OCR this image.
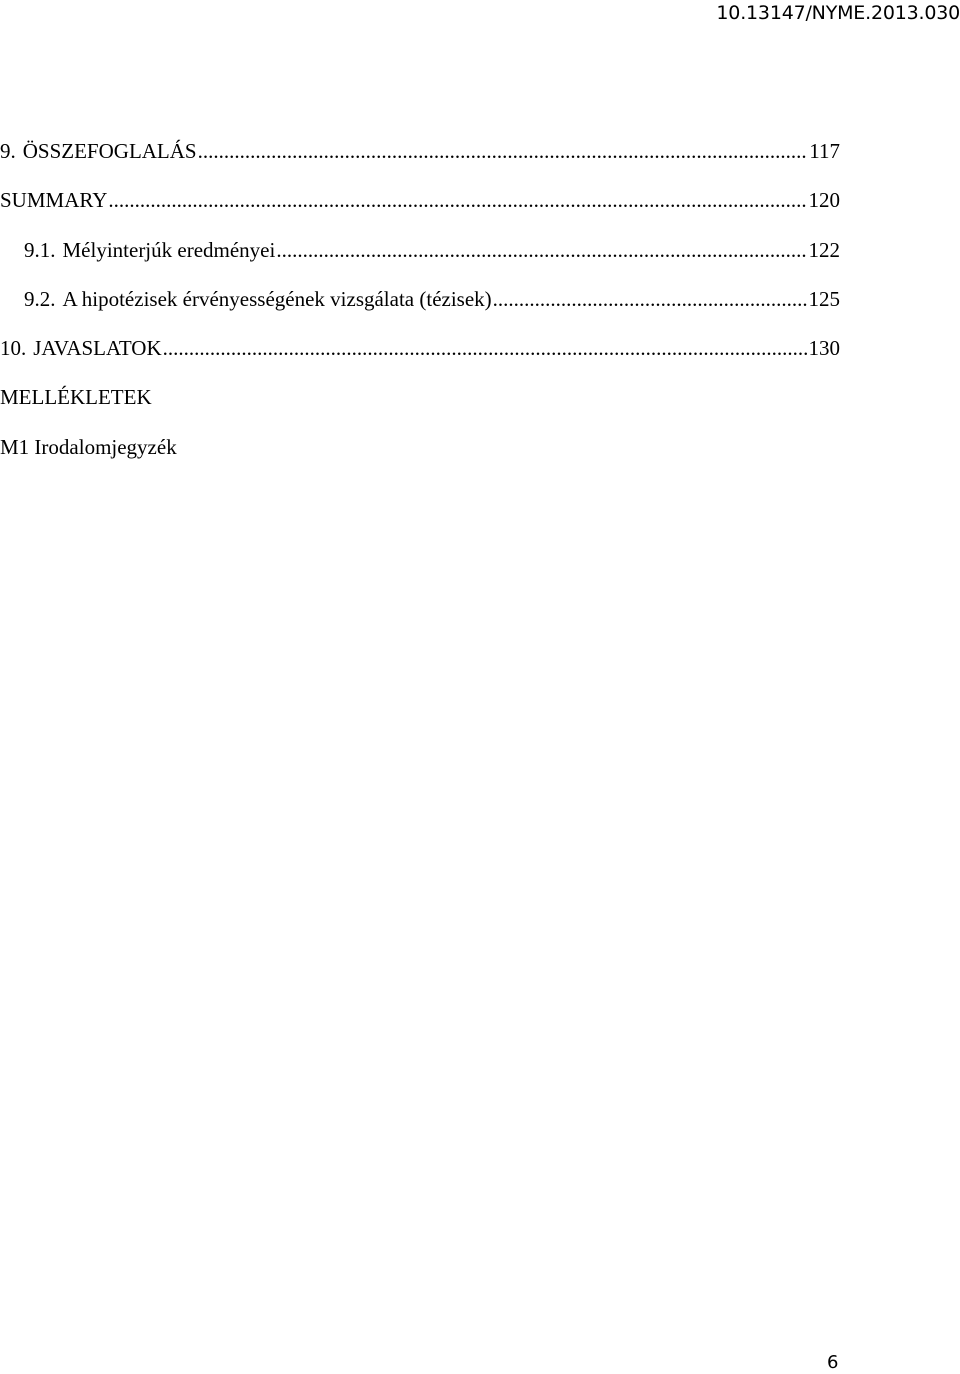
10.13147/NYME.2013.030
9. ÖSSZEFOGLALÁS .....	117
SUMMARY .....	120
9.1. Mélyinterjúk eredményei .....	122
9.2. A hipotézisek érvényességének vizsgálata (tézisek) .....	125
10. JAVASLATOK .....	130
MELLÉKLETEK
M1 Irodalomjegyzék
6
